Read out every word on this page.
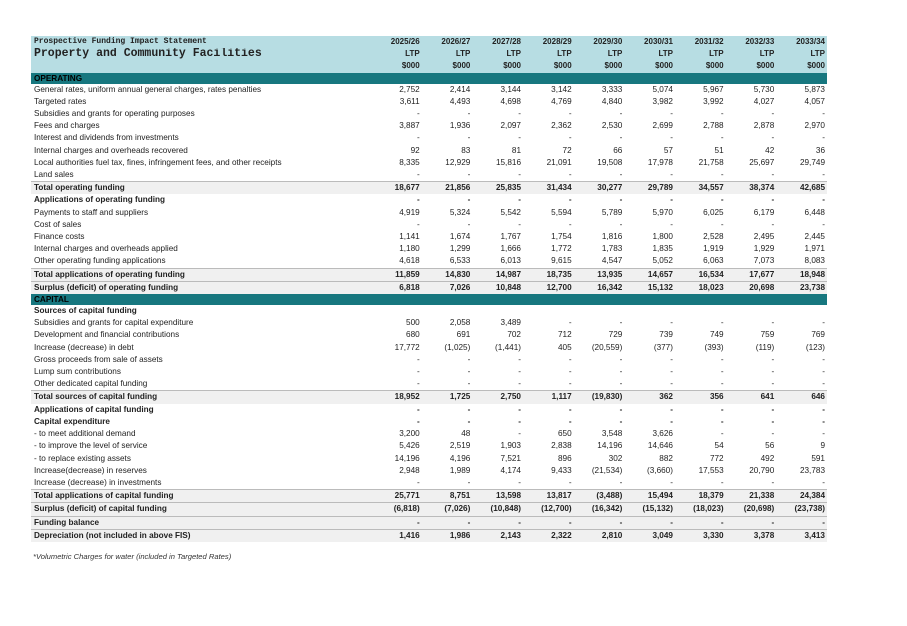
Prospective Funding Impact Statement	2025/26	2026/27	2027/28	2028/29	2029/30	2030/31	2031/32	2032/33	2033/34
Property and Community Facilities	LTP	LTP	LTP	LTP	LTP	LTP	LTP	LTP	LTP
	$000	$000	$000	$000	$000	$000	$000	$000	$000
OPERATING									
General rates, uniform annual general charges, rates penalties	2,752	2,414	3,144	3,142	3,333	5,074	5,967	5,730	5,873
Targeted rates	3,611	4,493	4,698	4,769	4,840	3,982	3,992	4,027	4,057
Subsidies and grants for operating purposes	-	-	-	-	-	-	-	-	-
Fees and charges	3,887	1,936	2,097	2,362	2,530	2,699	2,788	2,878	2,970
Interest and dividends from investments	-	-	-	-	-	-	-	-	-
Internal charges and overheads recovered	92	83	81	72	66	57	51	42	36
Local authorities fuel tax, fines, infringement fees, and other receipts	8,335	12,929	15,816	21,091	19,508	17,978	21,758	25,697	29,749
Land sales	-	-	-	-	-	-	-	-	-
Total operating funding	18,677	21,856	25,835	31,434	30,277	29,789	34,557	38,374	42,685
Applications of operating funding	-	-	-	-	-	-	-	-	-
Payments to staff and suppliers	4,919	5,324	5,542	5,594	5,789	5,970	6,025	6,179	6,448
Cost of sales	-	-	-	-	-	-	-	-	-
Finance costs	1,141	1,674	1,767	1,754	1,816	1,800	2,528	2,495	2,445
Internal charges and overheads applied	1,180	1,299	1,666	1,772	1,783	1,835	1,919	1,929	1,971
Other operating funding applications	4,618	6,533	6,013	9,615	4,547	5,052	6,063	7,073	8,083
Total applications of operating funding	11,859	14,830	14,987	18,735	13,935	14,657	16,534	17,677	18,948
Surplus (deficit) of operating funding	6,818	7,026	10,848	12,700	16,342	15,132	18,023	20,698	23,738
CAPITAL									
Sources of capital funding									
Subsidies and grants for capital expenditure	500	2,058	3,489	-	-	-	-	-	-
Development and financial contributions	680	691	702	712	729	739	749	759	769
Increase (decrease) in debt	17,772	(1,025)	(1,441)	405	(20,559)	(377)	(393)	(119)	(123)
Gross proceeds from sale of assets	-	-	-	-	-	-	-	-	-
Lump sum contributions	-	-	-	-	-	-	-	-	-
Other dedicated capital funding	-	-	-	-	-	-	-	-	-
Total sources of capital funding	18,952	1,725	2,750	1,117	(19,830)	362	356	641	646
Applications of capital funding	-	-	-	-	-	-	-	-	-
Capital expenditure	-	-	-	-	-	-	-	-	-
- to meet additional demand	3,200	48	-	650	3,548	3,626	-	-	-
- to improve the level of service	5,426	2,519	1,903	2,838	14,196	14,646	54	56	9
- to replace existing assets	14,196	4,196	7,521	896	302	882	772	492	591
Increase(decrease) in reserves	2,948	1,989	4,174	9,433	(21,534)	(3,660)	17,553	20,790	23,783
Increase (decrease) in investments	-	-	-	-	-	-	-	-	-
Total applications of capital funding	25,771	8,751	13,598	13,817	(3,488)	15,494	18,379	21,338	24,384
Surplus (deficit) of capital funding	(6,818)	(7,026)	(10,848)	(12,700)	(16,342)	(15,132)	(18,023)	(20,698)	(23,738)
Funding balance	-	-	-	-	-	-	-	-	-
Depreciation (not included in above FIS)	1,416	1,986	2,143	2,322	2,810	3,049	3,330	3,378	3,413
*Volumetric Charges for water (included in Targeted Rates)
